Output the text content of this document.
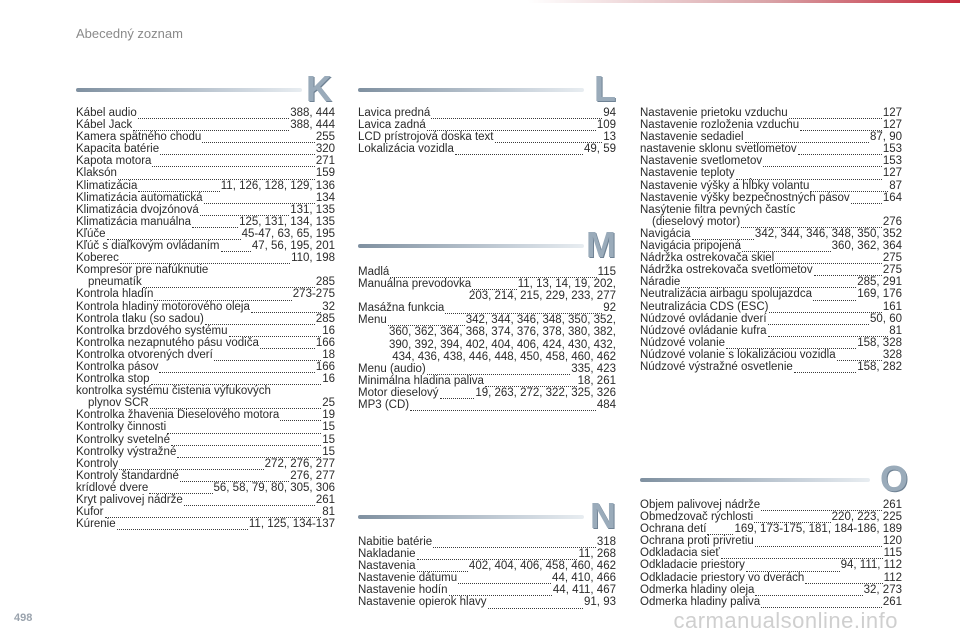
Abecedný zoznam
K	L
M
N
O
Kábel audio	388, 444
Kábel Jack	388, 444
Kamera spätného chodu	255
Kapacita batérie	320
Kapota motora	271
Klaksón	159
Klimatizácia	11, 126, 128, 129, 136
Klimatizácia automatická	134
Klimatizácia dvojzónová	131, 135
Klimatizácia manuálna	125, 131, 134, 135
Kľúče	45-47, 63, 65, 195
Kľúč s diaľkovým ovládaním	47, 56, 195, 201
Koberec	110, 198
Kompresor pre nafúknutie
pneumatík	285
Kontrola hladín	273-275
Kontrola hladiny motorového oleja	32
Kontrola tlaku (so sadou)	285
Kontrolka brzdového systému	16
Kontrolka nezapnutého pásu vodiča	166
Kontrolka otvorených dverí	18
Kontrolka pásov	166
Kontrolka stop	16
kontrolka systému čistenia výfukových
plynov SCR	25
Kontrolka žhavenia Dieselového motora	19
Kontrolky činnosti	15
Kontrolky svetelné	15
Kontrolky výstražné	15
Kontroly	272, 276, 277
Kontroly štandardné	276, 277
krídlové dvere	56, 58, 79, 80, 305, 306
Kryt palivovej nádrže	261
Kufor	81
Kúrenie	11, 125, 134-137
Lavica predná	94
Lavica zadná	109
LCD prístrojová doska text	13
Lokalizácia vozidla	49, 59
Madlá	115
Manuálna prevodovka	11, 13, 14, 19, 202,
203, 214, 215, 229, 233, 277
Masážna funkcia	92
Menu	342, 344, 346, 348, 350, 352,
360, 362, 364, 368, 374, 376, 378, 380, 382,
390, 392, 394, 402, 404, 406, 424, 430, 432,
434, 436, 438, 446, 448, 450, 458, 460, 462
Menu (audio)	335, 423
Minimálna hladina paliva	18, 261
Motor dieselový	19, 263, 272, 322, 325, 326
MP3 (CD)	484
Nabitie batérie	318
Nakladanie	11, 268
Nastavenia	402, 404, 406, 458, 460, 462
Nastavenie dátumu	44, 410, 466
Nastavenie hodín	44, 411, 467
Nastavenie opierok hlavy	91, 93
Nastavenie prietoku vzduchu	127
Nastavenie rozloženia vzduchu	127
Nastavenie sedadiel	87, 90
nastavenie sklonu svetlometov	153
Nastavenie svetlometov	153
Nastavenie teploty	127
Nastavenie výšky a hĺbky volantu	87
Nastavenie výšky bezpečnostných pásov	164
Nasýtenie filtra pevných častíc
(dieselový motor)	276
Navigácia	342, 344, 346, 348, 350, 352
Navigácia pripojená	360, 362, 364
Nádržka ostrekovača skiel	275
Nádržka ostrekovača svetlometov	275
Náradie	285, 291
Neutralizácia airbagu spolujazdca	169, 176
Neutralizácia CDS (ESC)	161
Núdzové ovládanie dverí	50, 60
Núdzové ovládanie kufra	81
Núdzové volanie	158, 328
Núdzové volanie s lokalizáciou vozidla	328
Núdzové výstražné osvetlenie	158, 282
Objem palivovej nádrže	261
Obmedzovač rýchlosti	220, 223, 225
Ochrana detí 169, 173-175, 181, 184-186, 189
Ochrana proti privretiu	120
Odkladacia sieť	115
Odkladacie priestory	94, 111, 112
Odkladacie priestory vo dverách	112
Odmerka hladiny oleja	32, 273
Odmerka hladiny paliva	261
498	carmanualsonline.info
